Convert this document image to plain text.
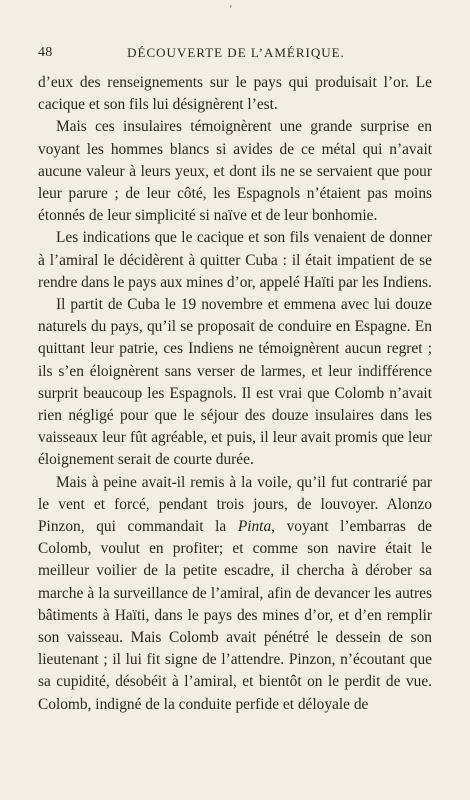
‘
48	DÉCOUVERTE DE L’AMÉRIQUE.

d’eux des renseignements sur le pays qui produisait l’or. Le cacique et son fils lui désignèrent l’est.

Mais ces insulaires témoignèrent une grande surprise en voyant les hommes blancs si avides de ce métal qui n’avait aucune valeur à leurs yeux, et dont ils ne se servaient que pour leur parure ; de leur côté, les Espagnols n’étaient pas moins étonnés de leur simplicité si naïve et de leur bonhomie.

Les indications que le cacique et son fils venaient de donner à l’amiral le décidèrent à quitter Cuba : il était impatient de se rendre dans le pays aux mines d’or, appelé Haïti par les Indiens.

Il partit de Cuba le 19 novembre et emmena avec lui douze naturels du pays, qu’il se proposait de conduire en Espagne. En quittant leur patrie, ces Indiens ne témoignèrent aucun regret ; ils s’en éloignèrent sans verser de larmes, et leur indifférence surprit beaucoup les Espagnols. Il est vrai que Colomb n’avait rien négligé pour que le séjour des douze insulaires dans les vaisseaux leur fût agréable, et puis, il leur avait promis que leur éloignement serait de courte durée.

Mais à peine avait-il remis à la voile, qu’il fut contrarié par le vent et forcé, pendant trois jours, de louvoyer. Alonzo Pinzon, qui commandait la Pinta, voyant l’embarras de Colomb, voulut en profiter; et comme son navire était le meilleur voilier de la petite escadre, il chercha à dérober sa marche à la surveillance de l’amiral, afin de devancer les autres bâtiments à Haïti, dans le pays des mines d’or, et d’en remplir son vaisseau. Mais Colomb avait pénétré le dessein de son lieutenant ; il lui fit signe de l’attendre. Pinzon, n’écoutant que sa cupidité, désobéit à l’amiral, et bientôt on le perdit de vue. Colomb, indigné de la conduite perfide et déloyale de
